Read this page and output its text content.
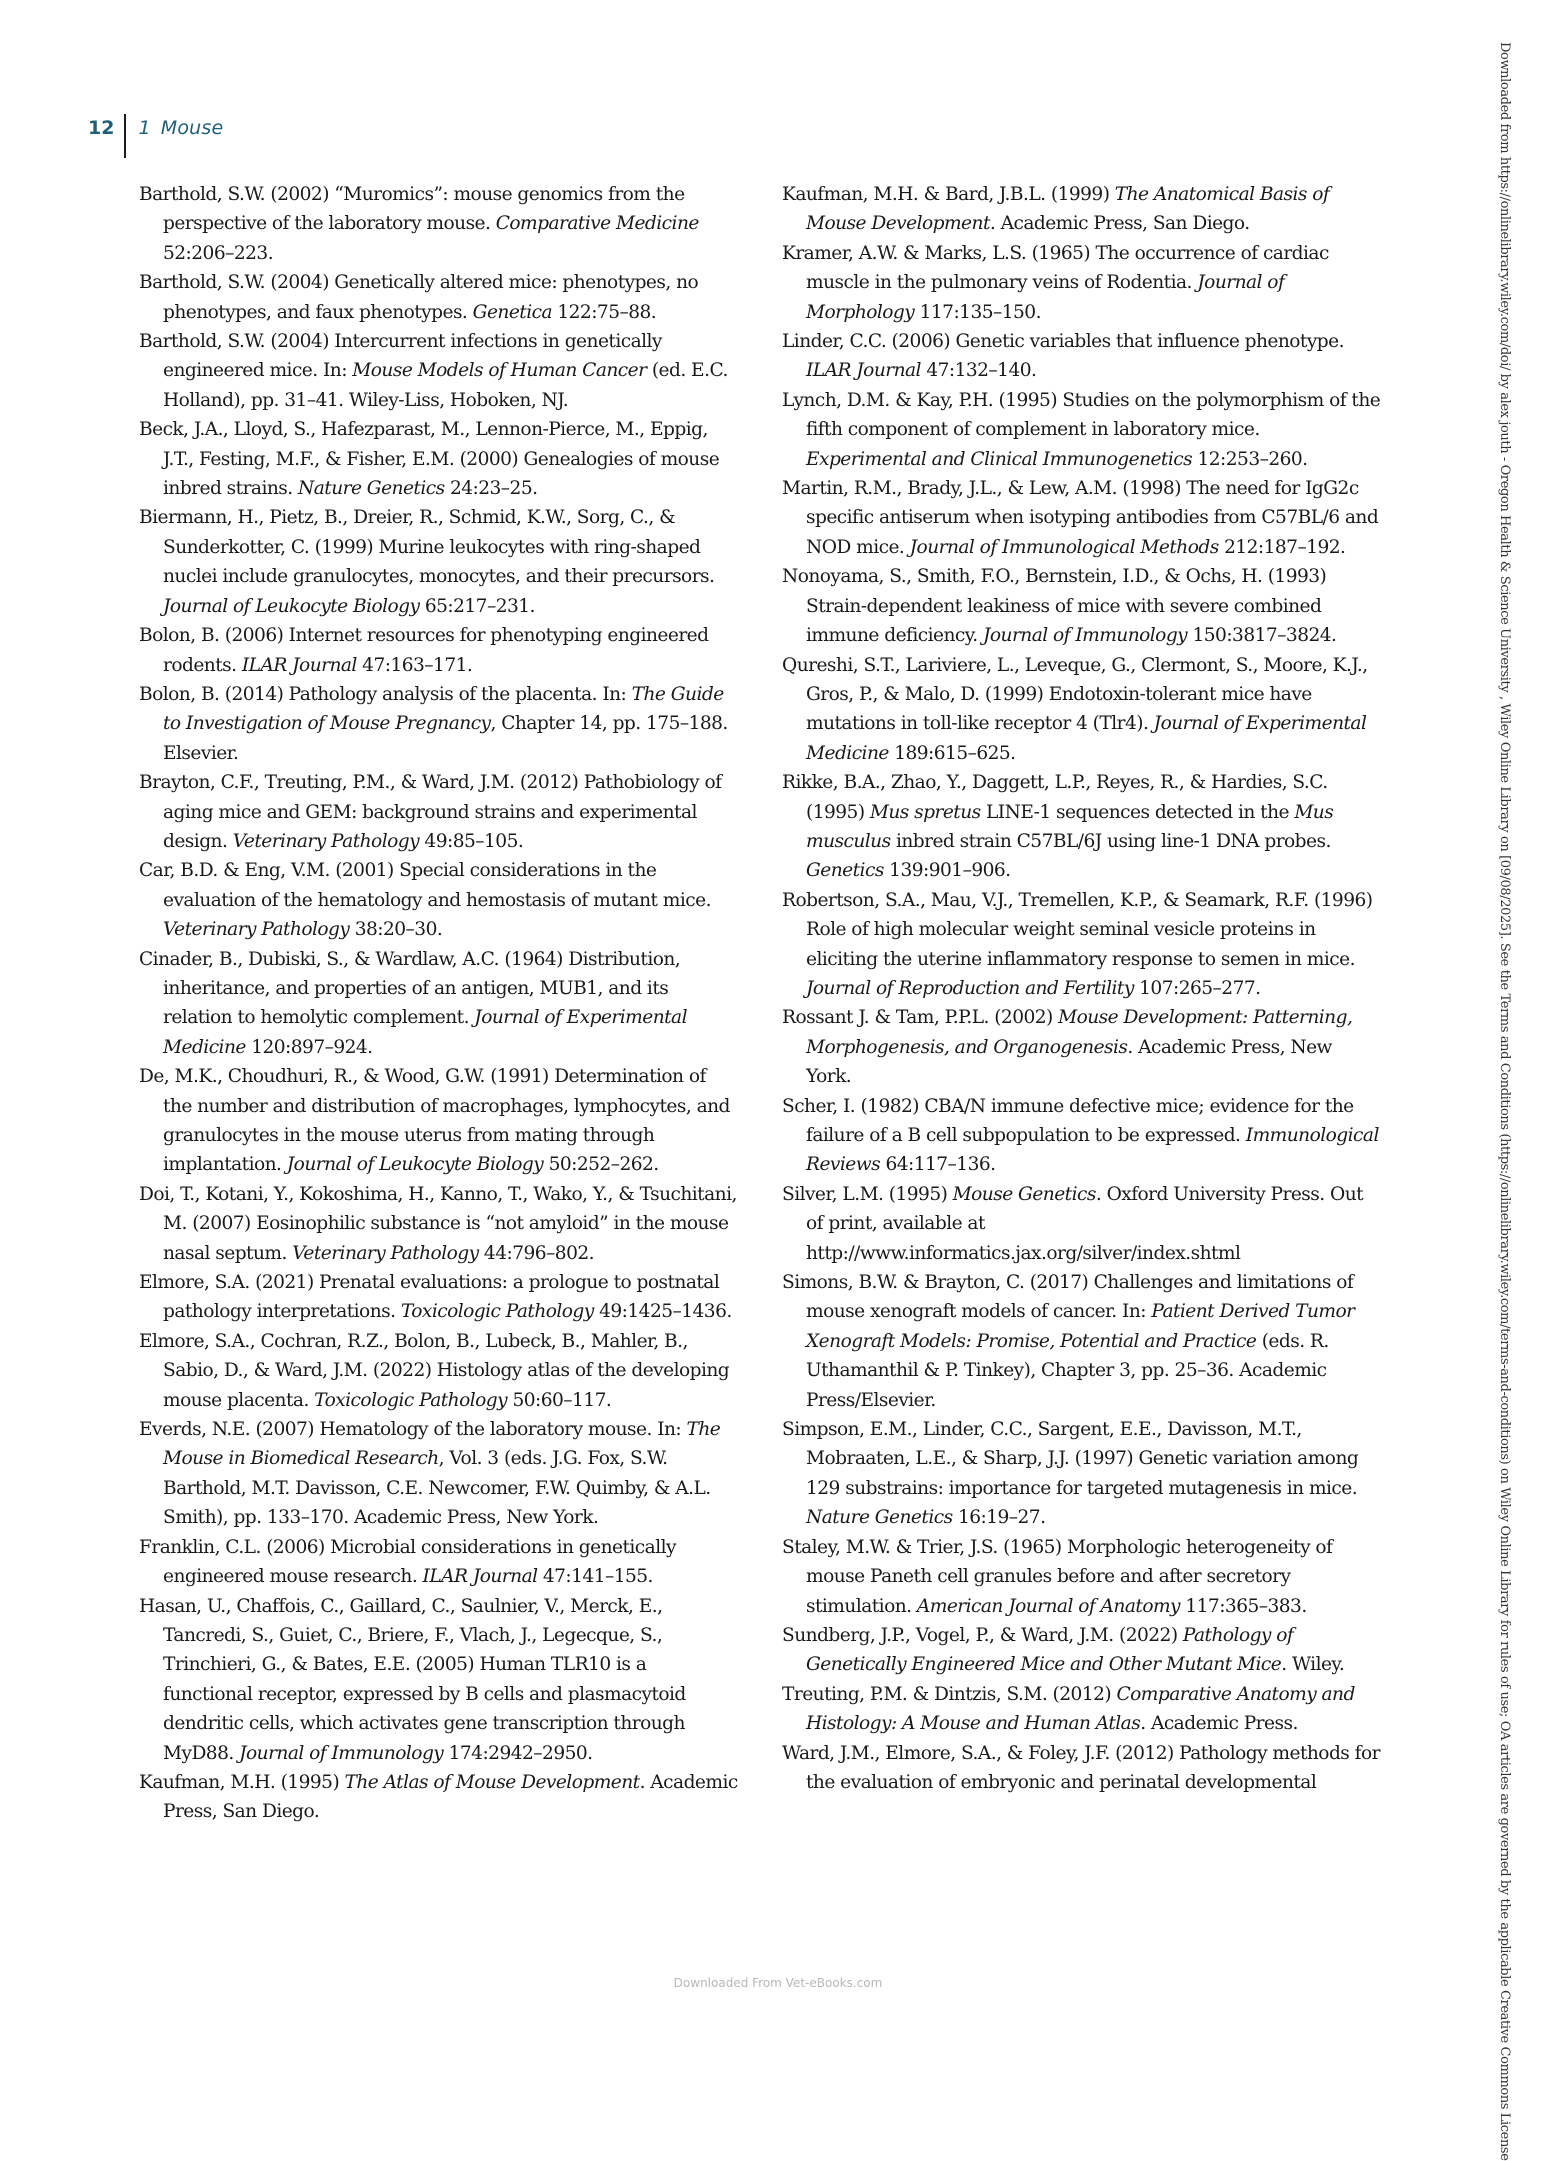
12 1 Mouse

Barthold, S.W. (2002) “Muromics”: mouse genomics from the perspective of the laboratory mouse. Comparative Medicine 52:206–223.

Barthold, S.W. (2004) Genetically altered mice: phenotypes, no phenotypes, and faux phenotypes. Genetica 122:75–88.

Barthold, S.W. (2004) Intercurrent infections in genetically engineered mice. In: Mouse Models of Human Cancer (ed. E.C. Holland), pp. 31–41. Wiley-Liss, Hoboken, NJ.

Beck, J.A., Lloyd, S., Hafezparast, M., Lennon-Pierce, M., Eppig, J.T., Festing, M.F., & Fisher, E.M. (2000) Genealogies of mouse inbred strains. Nature Genetics 24:23–25.

Biermann, H., Pietz, B., Dreier, R., Schmid, K.W., Sorg, C., & Sunderkotter, C. (1999) Murine leukocytes with ring-shaped nuclei include granulocytes, monocytes, and their precursors. Journal of Leukocyte Biology 65:217–231.

Bolon, B. (2006) Internet resources for phenotyping engineered rodents. ILAR Journal 47:163–171.

Bolon, B. (2014) Pathology analysis of the placenta. In: The Guide to Investigation of Mouse Pregnancy, Chapter 14, pp. 175–188. Elsevier.

Brayton, C.F., Treuting, P.M., & Ward, J.M. (2012) Pathobiology of aging mice and GEM: background strains and experimental design. Veterinary Pathology 49:85–105.

Car, B.D. & Eng, V.M. (2001) Special considerations in the evaluation of the hematology and hemostasis of mutant mice. Veterinary Pathology 38:20–30.

Cinader, B., Dubiski, S., & Wardlaw, A.C. (1964) Distribution, inheritance, and properties of an antigen, MUB1, and its relation to hemolytic complement. Journal of Experimental Medicine 120:897–924.

De, M.K., Choudhuri, R., & Wood, G.W. (1991) Determination of the number and distribution of macrophages, lymphocytes, and granulocytes in the mouse uterus from mating through implantation. Journal of Leukocyte Biology 50:252–262.

Doi, T., Kotani, Y., Kokoshima, H., Kanno, T., Wako, Y., & Tsuchitani, M. (2007) Eosinophilic substance is “not amyloid” in the mouse nasal septum. Veterinary Pathology 44:796–802.

Elmore, S.A. (2021) Prenatal evaluations: a prologue to postnatal pathology interpretations. Toxicologic Pathology 49:1425–1436.

Elmore, S.A., Cochran, R.Z., Bolon, B., Lubeck, B., Mahler, B., Sabio, D., & Ward, J.M. (2022) Histology atlas of the developing mouse placenta. Toxicologic Pathology 50:60–117.

Everds, N.E. (2007) Hematology of the laboratory mouse. In: The Mouse in Biomedical Research, Vol. 3 (eds. J.G. Fox, S.W. Barthold, M.T. Davisson, C.E. Newcomer, F.W. Quimby, & A.L. Smith), pp. 133–170. Academic Press, New York.

Franklin, C.L. (2006) Microbial considerations in genetically engineered mouse research. ILAR Journal 47:141–155.

Hasan, U., Chaffois, C., Gaillard, C., Saulnier, V., Merck, E., Tancredi, S., Guiet, C., Briere, F., Vlach, J., Legecque, S., Trinchieri, G., & Bates, E.E. (2005) Human TLR10 is a functional receptor, expressed by B cells and plasmacytoid dendritic cells, which activates gene transcription through MyD88. Journal of Immunology 174:2942–2950.

Kaufman, M.H. (1995) The Atlas of Mouse Development. Academic Press, San Diego.

Kaufman, M.H. & Bard, J.B.L. (1999) The Anatomical Basis of Mouse Development. Academic Press, San Diego.

Kramer, A.W. & Marks, L.S. (1965) The occurrence of cardiac muscle in the pulmonary veins of Rodentia. Journal of Morphology 117:135–150.

Linder, C.C. (2006) Genetic variables that influence phenotype. ILAR Journal 47:132–140.

Lynch, D.M. & Kay, P.H. (1995) Studies on the polymorphism of the fifth component of complement in laboratory mice. Experimental and Clinical Immunogenetics 12:253–260.

Martin, R.M., Brady, J.L., & Lew, A.M. (1998) The need for IgG2c specific antiserum when isotyping antibodies from C57BL/6 and NOD mice. Journal of Immunological Methods 212:187–192.

Nonoyama, S., Smith, F.O., Bernstein, I.D., & Ochs, H. (1993) Strain-dependent leakiness of mice with severe combined immune deficiency. Journal of Immunology 150:3817–3824.

Qureshi, S.T., Lariviere, L., Leveque, G., Clermont, S., Moore, K.J., Gros, P., & Malo, D. (1999) Endotoxin-tolerant mice have mutations in toll-like receptor 4 (Tlr4). Journal of Experimental Medicine 189:615–625.

Rikke, B.A., Zhao, Y., Daggett, L.P., Reyes, R., & Hardies, S.C. (1995) Mus spretus LINE-1 sequences detected in the Mus musculus inbred strain C57BL/6J using line-1 DNA probes. Genetics 139:901–906.

Robertson, S.A., Mau, V.J., Tremellen, K.P., & Seamark, R.F. (1996) Role of high molecular weight seminal vesicle proteins in eliciting the uterine inflammatory response to semen in mice. Journal of Reproduction and Fertility 107:265–277.

Rossant J. & Tam, P.P.L. (2002) Mouse Development: Patterning, Morphogenesis, and Organogenesis. Academic Press, New York.

Scher, I. (1982) CBA/N immune defective mice; evidence for the failure of a B cell subpopulation to be expressed. Immunological Reviews 64:117–136.

Silver, L.M. (1995) Mouse Genetics. Oxford University Press. Out of print, available at http://www.informatics.jax.org/silver/index.shtml

Simons, B.W. & Brayton, C. (2017) Challenges and limitations of mouse xenograft models of cancer. In: Patient Derived Tumor Xenograft Models: Promise, Potential and Practice (eds. R. Uthamanthil & P. Tinkey), Chapter 3, pp. 25–36. Academic Press/Elsevier.

Simpson, E.M., Linder, C.C., Sargent, E.E., Davisson, M.T., Mobraaten, L.E., & Sharp, J.J. (1997) Genetic variation among 129 substrains: importance for targeted mutagenesis in mice. Nature Genetics 16:19–27.

Staley, M.W. & Trier, J.S. (1965) Morphologic heterogeneity of mouse Paneth cell granules before and after secretory stimulation. American Journal of Anatomy 117:365–383.

Sundberg, J.P., Vogel, P., & Ward, J.M. (2022) Pathology of Genetically Engineered Mice and Other Mutant Mice. Wiley.

Treuting, P.M. & Dintzis, S.M. (2012) Comparative Anatomy and Histology: A Mouse and Human Atlas. Academic Press.

Ward, J.M., Elmore, S.A., & Foley, J.F. (2012) Pathology methods for the evaluation of embryonic and perinatal developmental	Downloaded from https://onlinelibrary.wiley.com/doi/ by alex jouth - Oregon Health & Science University , Wiley Online Library on [09/08/2025]. See the Terms and Conditions (https://onlinelibrary.wiley.com/terms-and-conditions) on Wiley Online Library for rules of use; OA articles are governed by the applicable Creative Commons License
Downloaded From Vet-eBooks.com
